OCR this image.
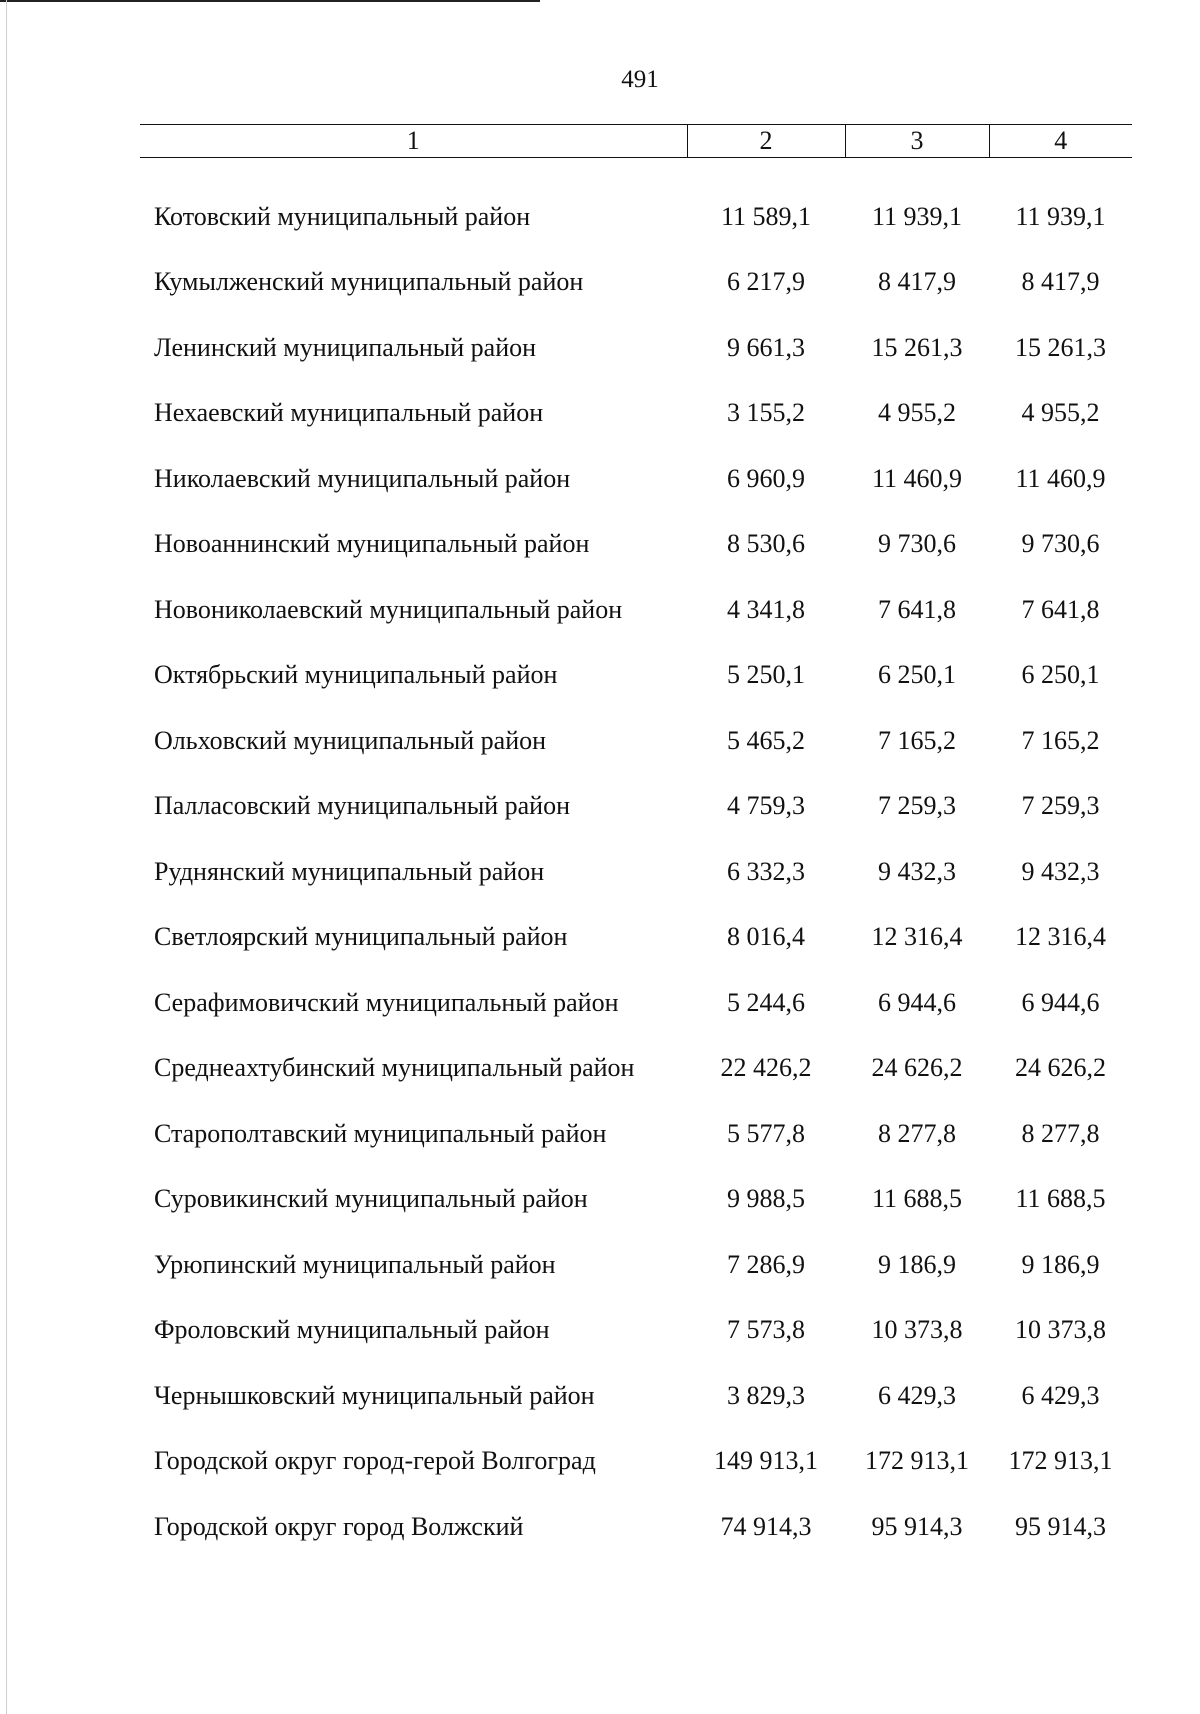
491
1	2	3	4

Котовский муниципальный район	11 589,1	11 939,1	11 939,1
Кумылженский муниципальный район	6 217,9	8 417,9	8 417,9
Ленинский муниципальный район	9 661,3	15 261,3	15 261,3
Нехаевский муниципальный район	3 155,2	4 955,2	4 955,2
Николаевский муниципальный район	6 960,9	11 460,9	11 460,9
Новоаннинский муниципальный район	8 530,6	9 730,6	9 730,6
Новониколаевский муниципальный район	4 341,8	7 641,8	7 641,8
Октябрьский муниципальный район	5 250,1	6 250,1	6 250,1
Ольховский муниципальный район	5 465,2	7 165,2	7 165,2
Палласовский муниципальный район	4 759,3	7 259,3	7 259,3
Руднянский муниципальный район	6 332,3	9 432,3	9 432,3
Светлоярский муниципальный район	8 016,4	12 316,4	12 316,4
Серафимовичский муниципальный район	5 244,6	6 944,6	6 944,6
Среднеахтубинский муниципальный район	22 426,2	24 626,2	24 626,2
Старополтавский муниципальный район	5 577,8	8 277,8	8 277,8
Суровикинский муниципальный район	9 988,5	11 688,5	11 688,5
Урюпинский муниципальный район	7 286,9	9 186,9	9 186,9
Фроловский муниципальный район	7 573,8	10 373,8	10 373,8
Чернышковский муниципальный район	3 829,3	6 429,3	6 429,3
Городской округ город-герой Волгоград	149 913,1	172 913,1	172 913,1
Городской округ город Волжский	74 914,3	95 914,3	95 914,3
